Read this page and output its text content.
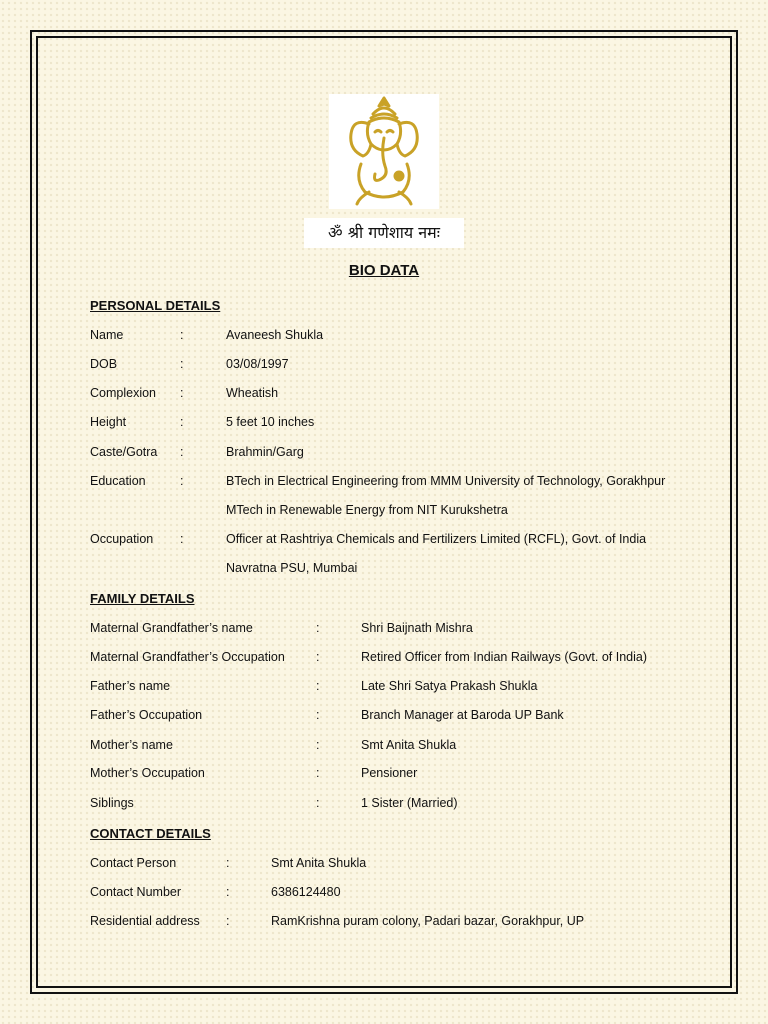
ॐ श्री गणेशाय नमः
BIO DATA
PERSONAL DETAILS
Name	:	Avaneesh Shukla
DOB	:	03/08/1997
Complexion :	Wheatish
Height	:	5 feet 10 inches
Caste/Gotra :	Brahmin/Garg
Education	:	BTech in Electrical Engineering from MMM University of Technology, Gorakhpur
MTech in Renewable Energy from NIT Kurukshetra
Occupation :	Officer at Rashtriya Chemicals and Fertilizers Limited (RCFL), Govt. of India
Navratna PSU, Mumbai
FAMILY DETAILS
Maternal Grandfather’s name	:	Shri Baijnath Mishra
Maternal Grandfather’s Occupation :	Retired Officer from Indian Railways (Govt. of India)
Father’s name	:	Late Shri Satya Prakash Shukla
Father’s Occupation	:	Branch Manager at Baroda UP Bank
Mother’s name	:	Smt Anita Shukla
Mother’s Occupation	:	Pensioner
Siblings	:	1 Sister (Married)
CONTACT DETAILS
Contact Person	:	Smt Anita Shukla
Contact Number	:	6386124480
Residential address :	RamKrishna puram colony, Padari bazar, Gorakhpur, UP
